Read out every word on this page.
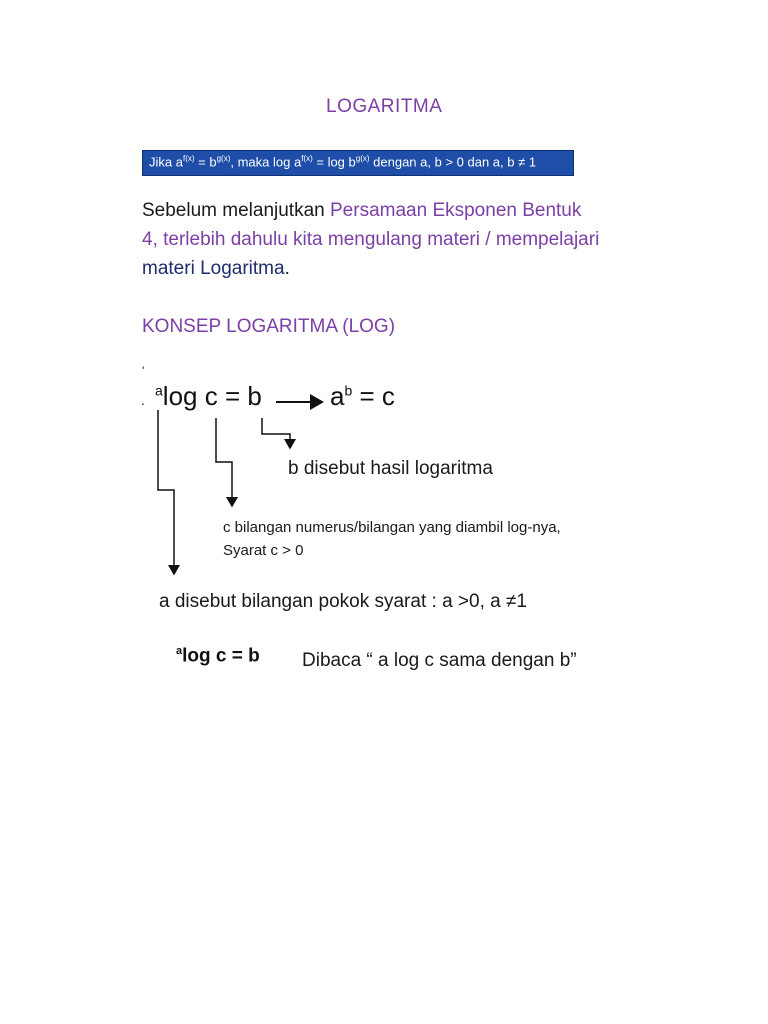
LOGARITMA
Jika $a^{f(x)} = b^{g(x)}$, maka $\log a^{f(x)} = \log b^{g(x)}$ dengan a, b > 0 dan a, b ≠ 1
Sebelum melanjutkan Persamaan Eksponen Bentuk 4, terlebih dahulu kita mengulang materi / mempelajari materi Logaritma.
KONSEP LOGARITMA (LOG)
'
.
$^a$log c = b	$a^b = c$
b disebut hasil logaritma
c bilangan numerus/bilangan yang diambil log-nya,
Syarat c > 0
a disebut bilangan pokok syarat : a >0, a ≠1
$^a$log c = b Dibaca “ a log c sama dengan b”
